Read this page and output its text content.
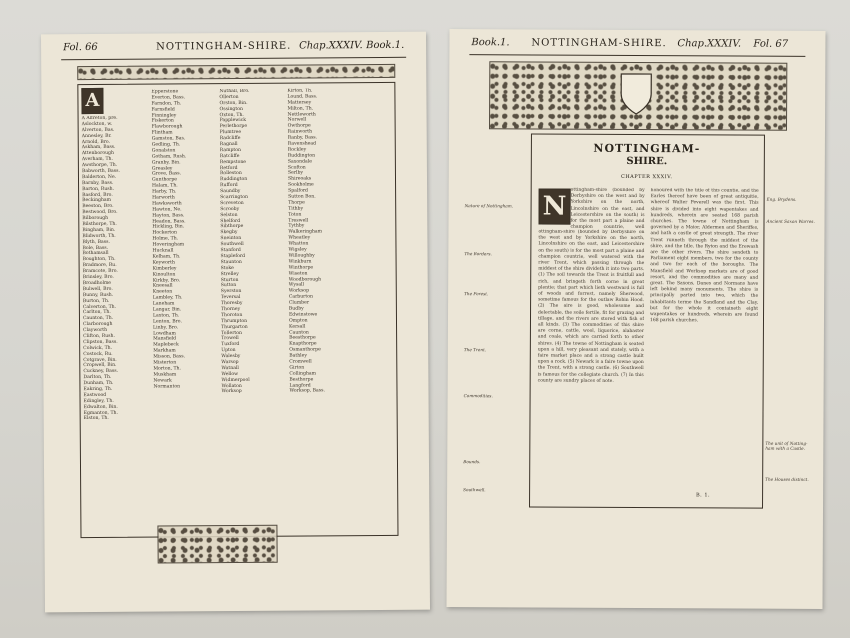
Fol. 66	NOTTINGHAM-SHIRE. Chap.XXXIV. Book.1.
A
A Alfreton, pre.
Aslockton, w.
Alverton, Bas.
Annesley, Br.
Arnold, Bro.
Askham, Bass.
Attenborough
Averham, Th.
Awsthorpe, Th.
Babworth, Bass.
Balderton, Ne.
Barnby, Bass.
Barton, Rush.
Basford, Bro.
Beckingham
Beeston, Bro.
Bestwood, Bro.
Bilborough
Bilsthorpe, Th.
Bingham, Bin.
Blidworth, Th.
Blyth, Bass.
Bole, Bass.
Bothamsall
Boughton, Th.
Bradmore, Ru.
Bramcote, Bro.
Brinsley, Bro.
Broadholme
Bulwell, Bro.
Bunny, Rush.
Burton, Th.
Calverton, Th.
Carlton, Th.
Caunton, Th.
Clarborough
Clayworth
Clifton, Rush.
Clipston, Bass.
Colwick, Th.
Costock, Ru.
Cotgrave, Bin.
Cropwell, Bin.
Cuckney, Bass.
Darlton, Th.
Dunham, Th.
Eakring, Th.
Eastwood
Edingley, Th.
Edwalton, Bin.
Egmanton, Th.
Elston, Th.
Epperstone
Everton, Bass.
Farndon, Th.
Farnsfield
Finningley
Fiskerton
Flawborough
Flintham
Gamston, Bas.
Gedling, Th.
Gonalston
Gotham, Rush.
Granby, Bin.
Greasley
Grove, Bass.
Gunthorpe
Halam, Th.
Harby, Th.
Harworth
Hawksworth
Hawton, Ne.
Hayton, Bass.
Headon, Bass.
Hickling, Bin.
Hockerton
Holme, Th.
Hoveringham
Hucknall
Kelham, Th.
Keyworth
Kimberley
Kinoulton
Kirkby, Bro.
Kneesall
Kneeton
Lambley, Th.
Laneham
Langar, Bin.
Laxton, Th.
Lenton, Bro.
Linby, Bro.
Lowdham
Mansfield
Maplebeck
Markham
Misson, Bass.
Misterton
Morton, Th.
Muskham
Newark
Normanton
Nuthall, Bro.
Ollerton
Orston, Bin.
Ossington
Oxton, Th.
Papplewick
Perlethorpe
Plumtree
Radcliffe
Ragnall
Rampton
Ratcliffe
Rempstone
Retford
Rolleston
Ruddington
Rufford
Saundby
Scarrington
Screveton
Scrooby
Selston
Shelford
Sibthorpe
Skegby
Sneinton
Southwell
Stanford
Stapleford
Staunton
Stoke
Strelley
Sturton
Sutton
Syerston
Teversal
Thoresby
Thorney
Thoroton
Thrumpton
Thurgarton
Tollerton
Trowell
Tuxford
Upton
Walesby
Warsop
Watnall
Wellow
Widmerpool
Wollaton
Worksop
Kirton, Th.
Lound, Bass.
Mattersey
Milton, Th.
Nettleworth
Norwell
Owthorpe
Rainworth
Ranby, Bass.
Ravenshead
Rockley
Ruddington
Saxondale
Scofton
Serlby
Shireoaks
Sookholme
Spalford
Sutton Bon.
Thorpe
Tithby
Toton
Treswell
Tythby
Walkeringham
Wheatley
Whatton
Wigsley
Willoughby
Winkburn
Winthorpe
Wiseton
Woodborough
Wysall
Worksop
Carburton
Clumber
Budby
Edwinstowe
Ompton
Kersall
Caunton
Beesthorpe
Knapthorpe
Osmanthorpe
Bathley
Cromwell
Girton
Collingham
Besthorpe
Langford
Worksop, Bass.
Book.1. NOTTINGHAM-SHIRE. Chap.XXXIV. Fol. 67
NOTTINGHAM-
SHIRE.
CHAPTER XXXIV.
N
ottingham-shire (bounded by Derbyshire on the west and by Yorkshire on the north, Lincolnshire on the east, and Leicestershire on the south) is for the most part a plaine and champion countrie, well
ottingham-shire (bounded by Derbyshire on the west and by Yorkshire on the north, Lincolnshire on the east, and Leicestershire on the south) is for the most part a plaine and champion countrie, well watered with the river Trent, which passing through the middest of the shire divideth it into two parts. (1) The soil towards the Trent is fruitfull and rich, and bringeth forth corne in great plentie; that part which lieth westward is full of woods and forrest, namely Sherwood, sometime famous for the outlaw Robin Hood. (2) The aire is good, wholesome and delectable, the soile fertile, fit for grazing and tillage, and the rivers are stored with fish of all kinds. (3) The commodities of this shire are corne, cattle, wool, liquorice, alabaster and coale, which are carried forth to other shires. (4) The towne of Nottingham is seated upon a hill, very pleasant and stately, with a faire market place and a strong castle built upon a rock. (5) Newark is a faire towne upon the Trent, with a strong castle. (6) Southwell is famous for the collegiate church. (7) In this county are sundry places of note.
honoured with the title of this countie, and the Earles thereof have been of great antiquitie, whereof Walter Peverell was the first. This shire is divided into eight wapentakes and hundreds, wherein are seated 168 parish churches. The towne of Nottingham is governed by a Maior, Aldermen and Sheriffes, and hath a castle of great strength. The river Trent runneth through the middest of the shire, and the Idle, the Ryton and the Erewash are the other rivers. The shire sendeth to Parliament eight members, two for the county and two for each of the boroughs. The Mansfield and Worksop markets are of good resort, and the commodities are many and great. The Saxons, Danes and Normans have left behind many monuments. The shire is principally parted into two, which the inhabitants terme the Sandland and the Clay, but for the whole it containeth eight wapentakes or hundreds, wherein are found 168 parish churches.
B. 1.
Nature of Nottingham.
The Borders.
The Forest.
The Trent.
Commodities.
Bounds.
Southwell.
Eng. Brydens.
Ancient Saxon Warres.
The unit of Notting- ham with a Castle.
The Houses distinct.
